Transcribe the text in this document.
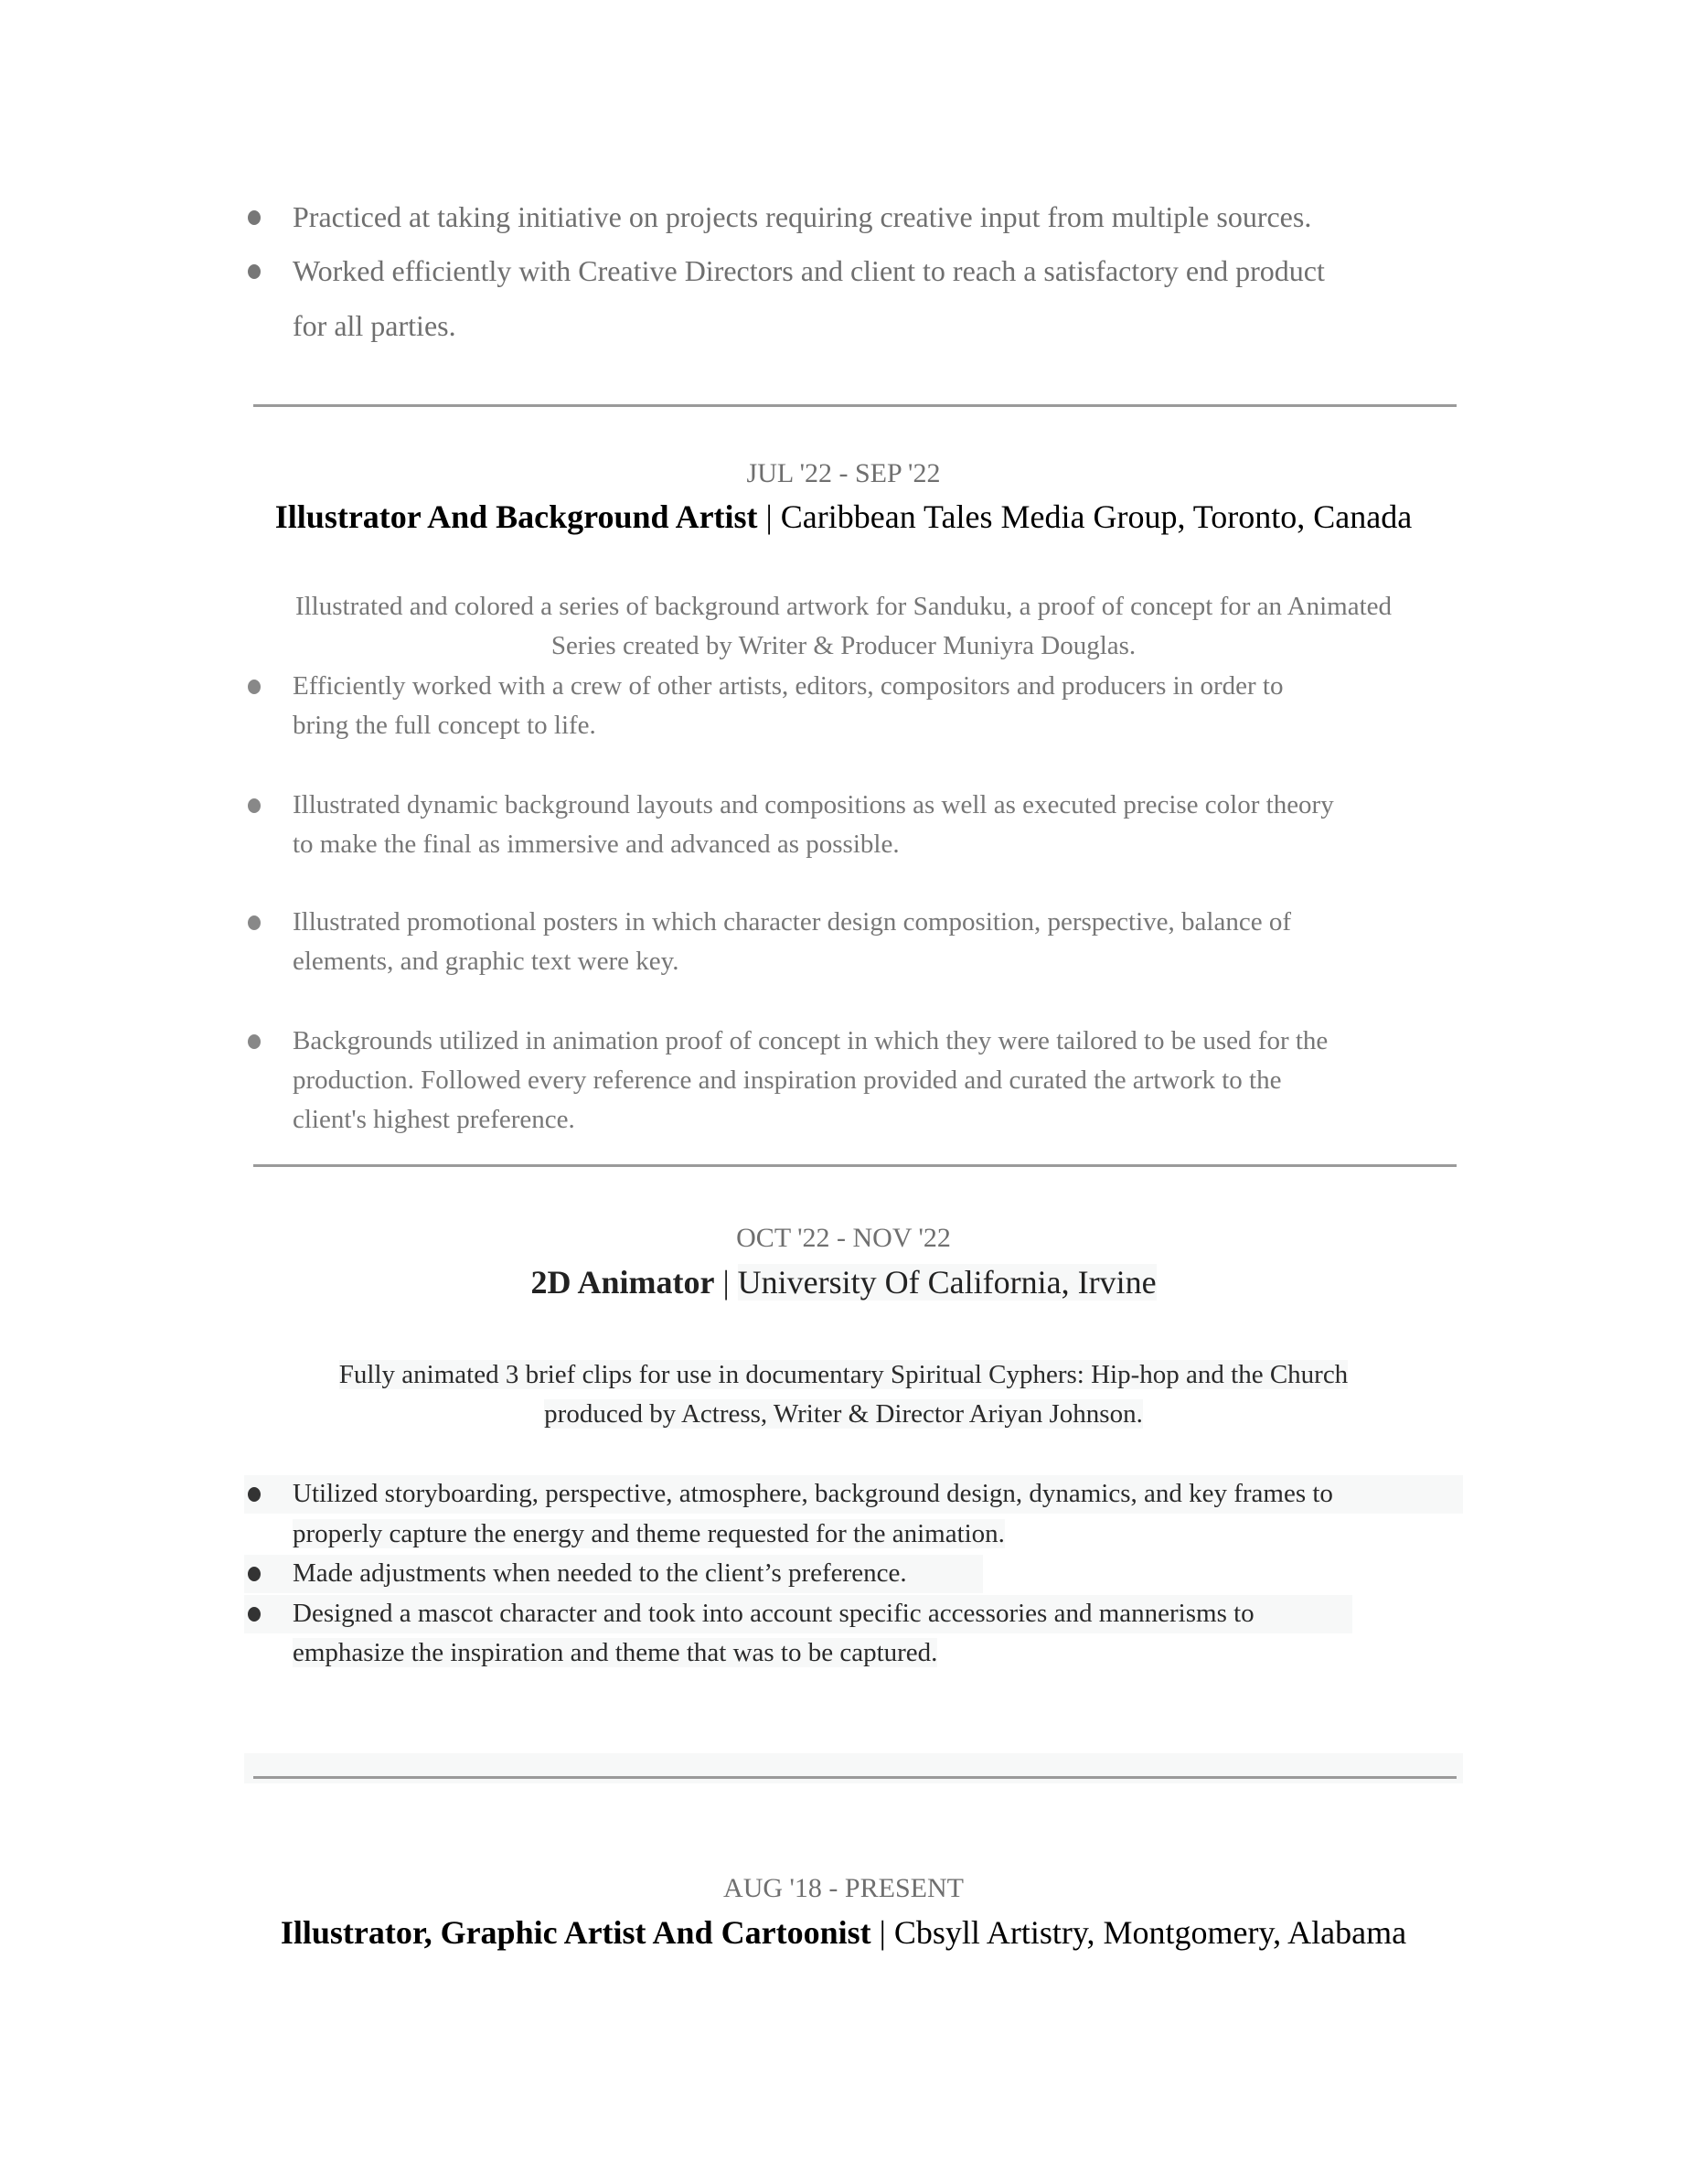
Practiced at taking initiative on projects requiring creative input from multiple sources.
Worked efficiently with Creative Directors and client to reach a satisfactory end product
for all parties.
JUL '22 - SEP '22
Illustrator And Background Artist | Caribbean Tales Media Group, Toronto, Canada
Illustrated and colored a series of background artwork for Sanduku, a proof of concept for an Animated
Series created by Writer & Producer Muniyra Douglas.
Efficiently worked with a crew of other artists, editors, compositors and producers in order to
bring the full concept to life.
Illustrated dynamic background layouts and compositions as well as executed precise color theory
to make the final as immersive and advanced as possible.
Illustrated promotional posters in which character design composition, perspective, balance of
elements, and graphic text were key.
Backgrounds utilized in animation proof of concept in which they were tailored to be used for the
production. Followed every reference and inspiration provided and curated the artwork to the
client's highest preference.
OCT '22 - NOV '22
2D Animator | University Of California, Irvine
Fully animated 3 brief clips for use in documentary Spiritual Cyphers: Hip-hop and the Church
produced by Actress, Writer & Director Ariyan Johnson.
Utilized storyboarding, perspective, atmosphere, background design, dynamics, and key frames to
properly capture the energy and theme requested for the animation.
Made adjustments when needed to the client’s preference.
Designed a mascot character and took into account specific accessories and mannerisms to
emphasize the inspiration and theme that was to be captured.
AUG '18 - PRESENT
Illustrator, Graphic Artist And Cartoonist | Cbsyll Artistry, Montgomery, Alabama
